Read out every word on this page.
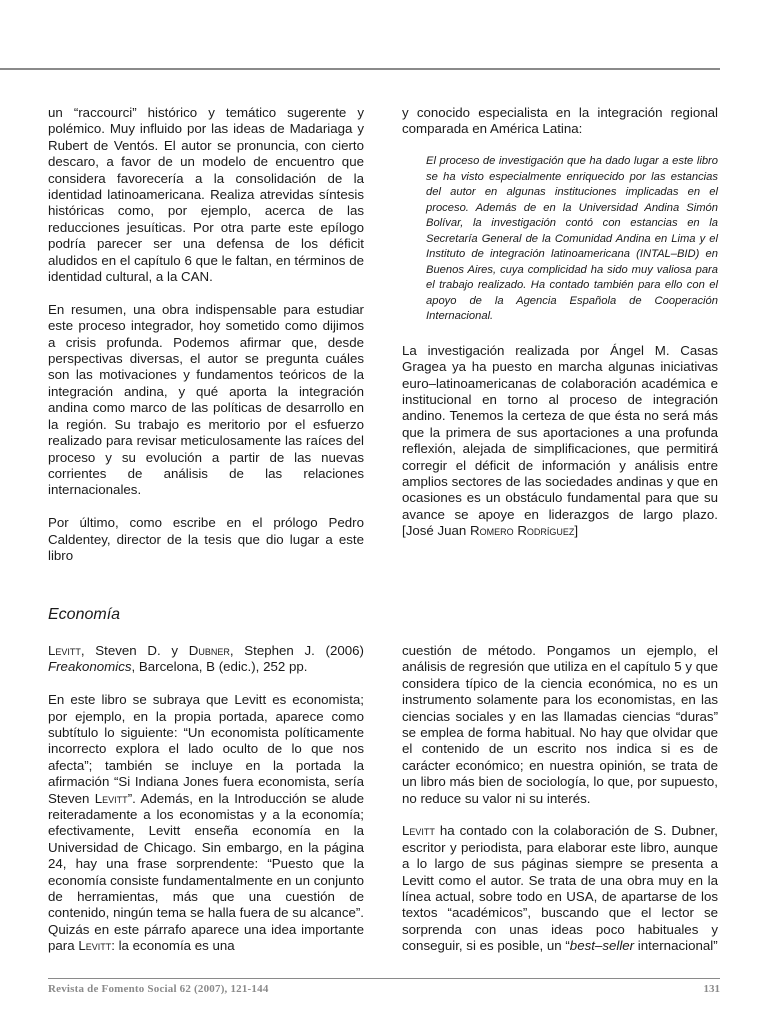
un “raccourci” histórico y temático sugerente y polémico. Muy influido por las ideas de Madariaga y Rubert de Ventós. El autor se pronuncia, con cierto descaro, a favor de un modelo de encuentro que considera favorecería a la consolidación de la identidad latinoamericana. Realiza atrevidas síntesis históricas como, por ejemplo, acerca de las reducciones jesuíticas. Por otra parte este epílogo podría parecer ser una defensa de los déficit aludidos en el capítulo 6 que le faltan, en términos de identidad cultural, a la CAN.

En resumen, una obra indispensable para estudiar este proceso integrador, hoy sometido como dijimos a crisis profunda. Podemos afirmar que, desde perspectivas diversas, el autor se pregunta cuáles son las motivaciones y fundamentos teóricos de la integración andina, y qué aporta la integración andina como marco de las políticas de desarrollo en la región. Su trabajo es meritorio por el esfuerzo realizado para revisar meticulosamente las raíces del proceso y su evolución a partir de las nuevas corrientes de análisis de las relaciones internacionales.

Por último, como escribe en el prólogo Pedro Caldentey, director de la tesis que dio lugar a este libro

y conocido especialista en la integración regional comparada en América Latina:

El proceso de investigación que ha dado lugar a este libro se ha visto especialmente enriquecido por las estancias del autor en algunas instituciones implicadas en el proceso. Además de en la Universidad Andina Simón Bolívar, la investigación contó con estancias en la Secretaría General de la Comunidad Andina en Lima y el Instituto de integración latinoamericana (INTAL–BID) en Buenos Aires, cuya complicidad ha sido muy valiosa para el trabajo realizado. Ha contado también para ello con el apoyo de la Agencia Española de Cooperación Internacional.

La investigación realizada por Ángel M. Casas Gragea ya ha puesto en marcha algunas iniciativas euro–latinoamericanas de colaboración académica e institucional en torno al proceso de integración andino. Tenemos la certeza de que ésta no será más que la primera de sus aportaciones a una profunda reflexión, alejada de simplificaciones, que permitirá corregir el déficit de información y análisis entre amplios sectores de las sociedades andinas y que en ocasiones es un obstáculo fundamental para que su avance se apoye en liderazgos de largo plazo. [José Juan Romero Rodríguez]

Economía

Levitt, Steven D. y Dubner, Stephen J. (2006) Freakonomics, Barcelona, B (edic.), 252 pp.

En este libro se subraya que Levitt es economista; por ejemplo, en la propia portada, aparece como subtítulo lo siguiente: “Un economista políticamente incorrecto explora el lado oculto de lo que nos afecta”; también se incluye en la portada la afirmación “Si Indiana Jones fuera economista, sería Steven Levitt”. Además, en la Introducción se alude reiteradamente a los economistas y a la economía; efectivamente, Levitt enseña economía en la Universidad de Chicago. Sin embargo, en la página 24, hay una frase sorprendente: “Puesto que la economía consiste fundamentalmente en un conjunto de herramientas, más que una cuestión de contenido, ningún tema se halla fuera de su alcance”. Quizás en este párrafo aparece una idea importante para Levitt: la economía es una

cuestión de método. Pongamos un ejemplo, el análisis de regresión que utiliza en el capítulo 5 y que considera típico de la ciencia económica, no es un instrumento solamente para los economistas, en las ciencias sociales y en las llamadas ciencias “duras” se emplea de forma habitual. No hay que olvidar que el contenido de un escrito nos indica si es de carácter económico; en nuestra opinión, se trata de un libro más bien de sociología, lo que, por supuesto, no reduce su valor ni su interés.

Levitt ha contado con la colaboración de S. Dubner, escritor y periodista, para elaborar este libro, aunque a lo largo de sus páginas siempre se presenta a Levitt como el autor. Se trata de una obra muy en la línea actual, sobre todo en USA, de apartarse de los textos “académicos”, buscando que el lector se sorprenda con unas ideas poco habituales y conseguir, si es posible, un “best–seller internacional”

Revista de Fomento Social 62 (2007), 121-144	131
